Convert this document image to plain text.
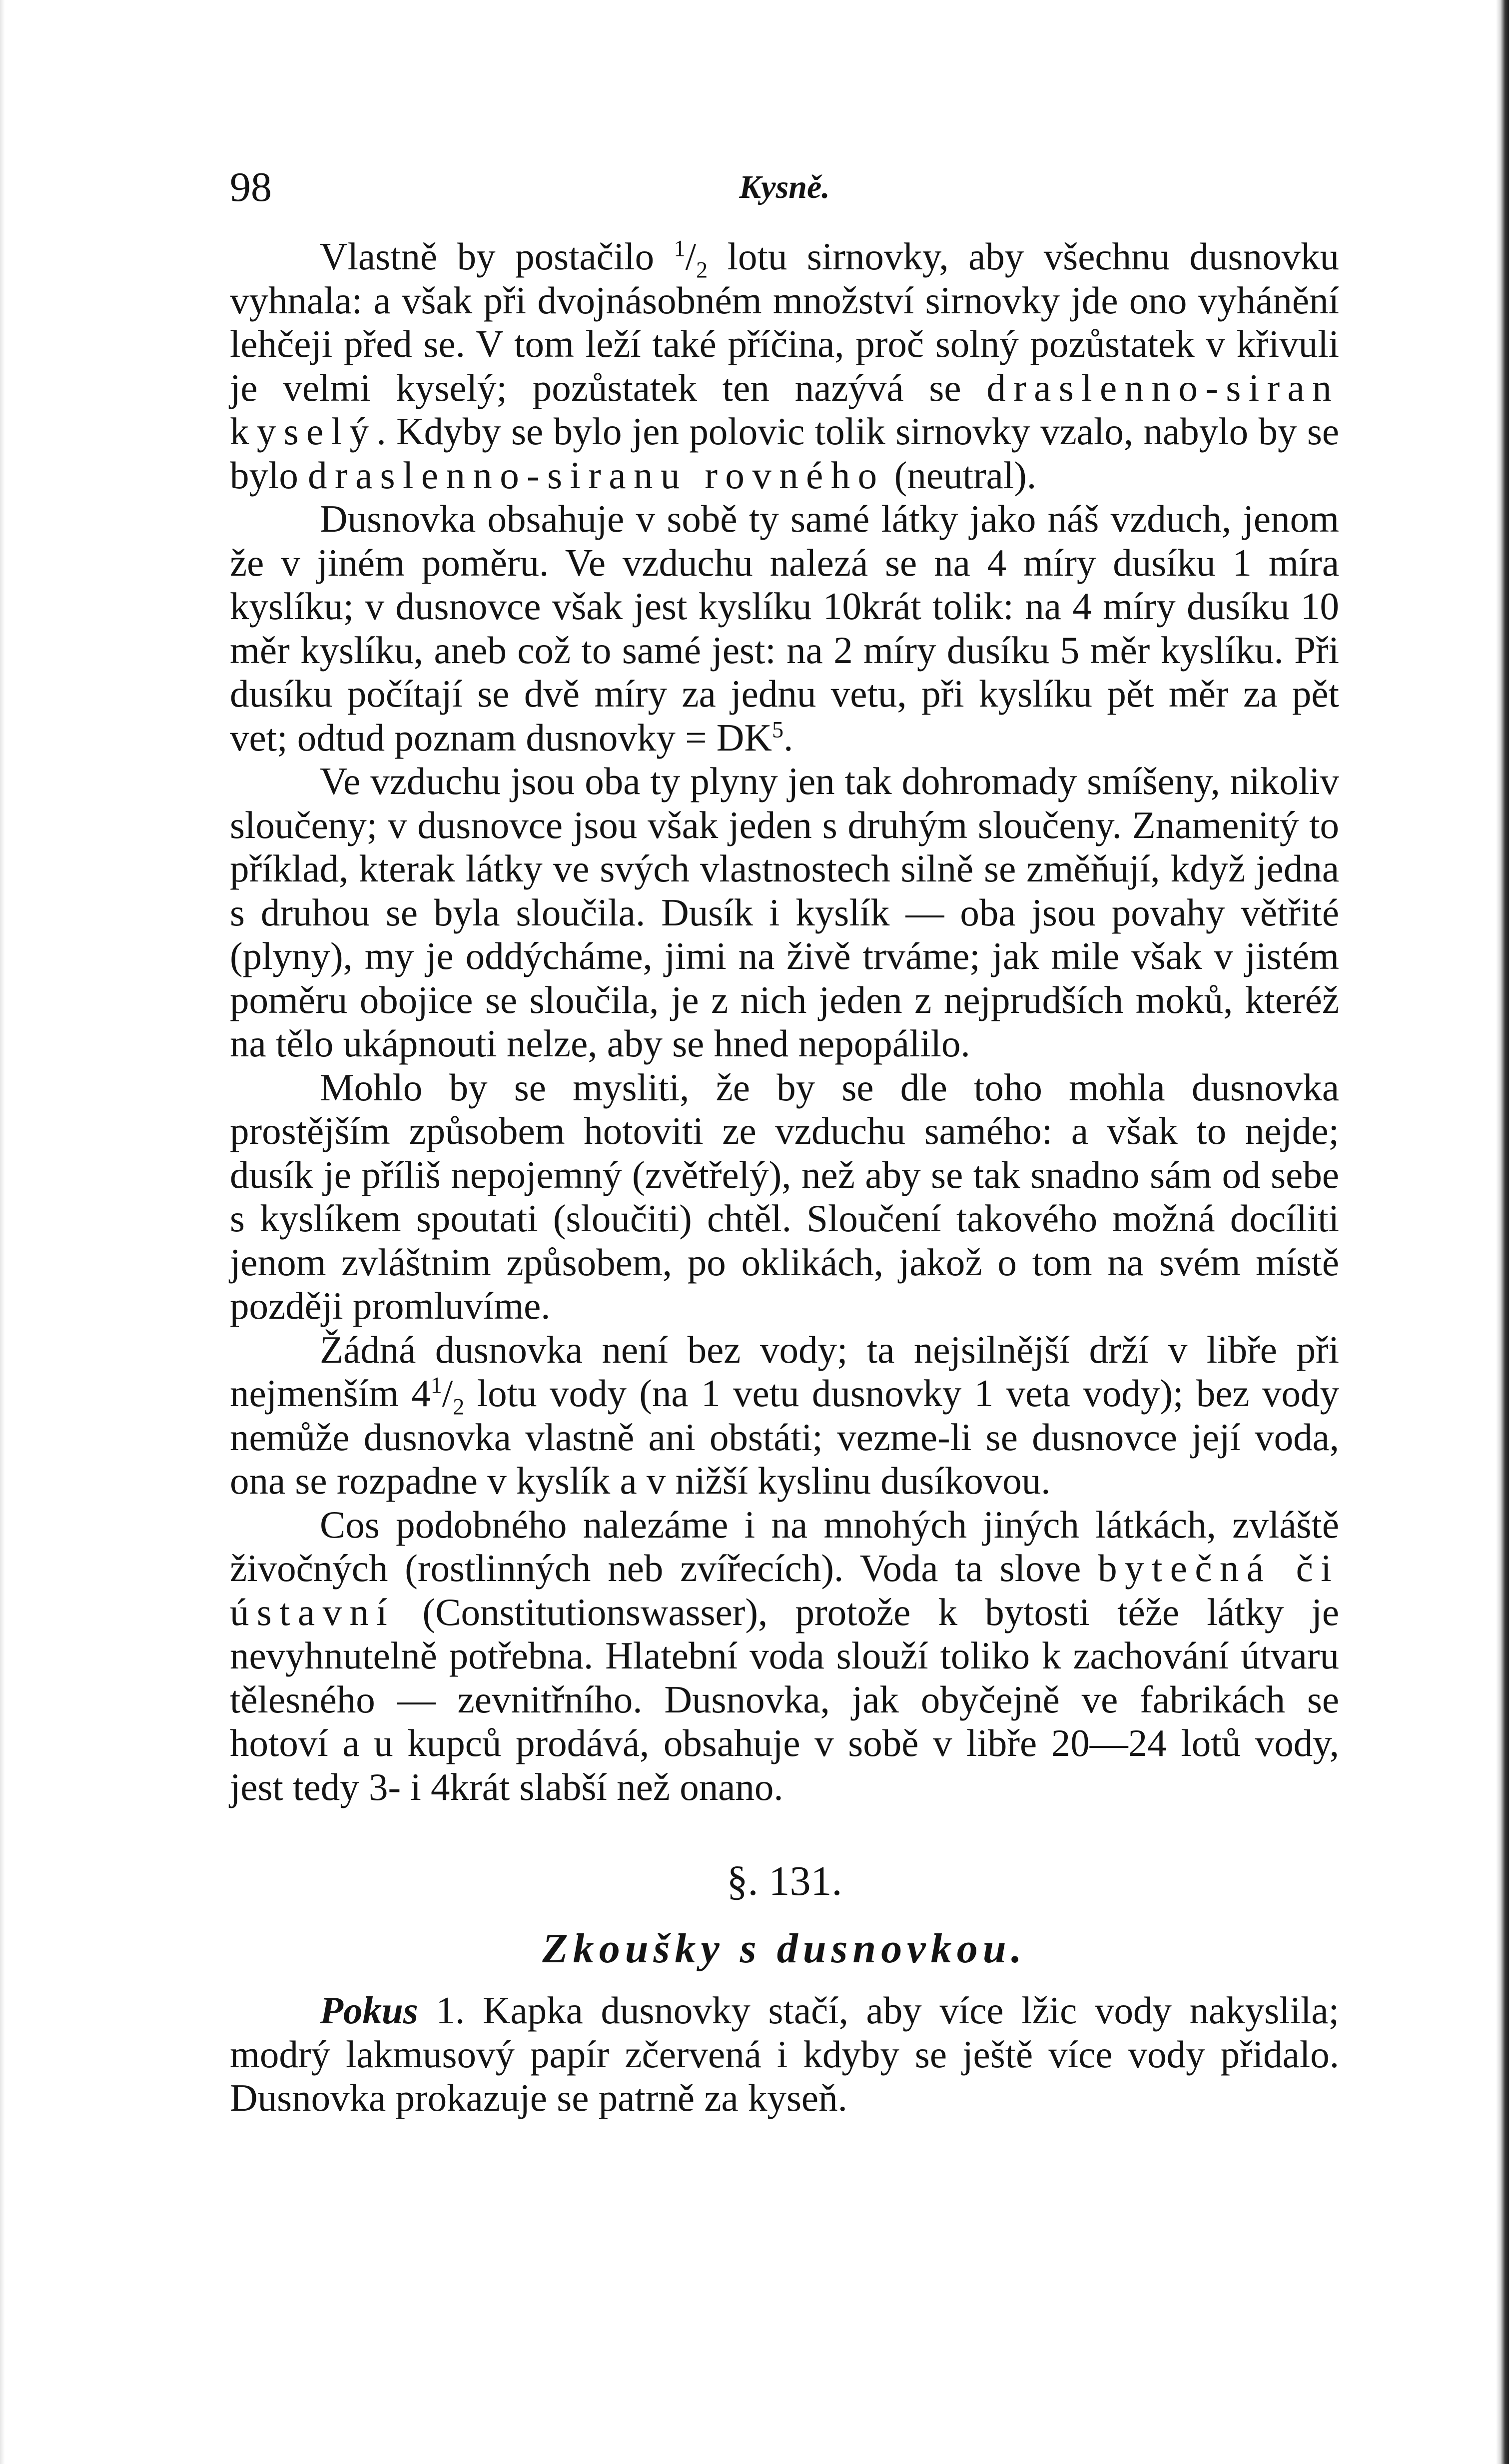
98	Kysně.

Vlastně by postačilo $^1/_2$ lotu sirnovky, aby všechnu dusnovku vyhnala: a však při dvojnásobném množství sirnovky jde ono vyhánění lehčeji před se. V tom leží také příčina, proč solný pozůstatek v křivuli je velmi kyselý; pozůstatek ten nazývá se draslenno-siran kyselý. Kdyby se bylo jen polovic tolik sirnovky vzalo, nabylo by se bylo draslenno-siranu rovného (neutral).

Dusnovka obsahuje v sobě ty samé látky jako náš vzduch, jenom že v jiném poměru. Ve vzduchu nalezá se na 4 míry dusíku 1 míra kyslíku; v dusnovce však jest kyslíku 10krát tolik: na 4 míry dusíku 10 měr kyslíku, aneb což to samé jest: na 2 míry dusíku 5 měr kyslíku. Při dusíku počítají se dvě míry za jednu vetu, při kyslíku pět měr za pět vet; odtud poznam dusnovky = $DK^5$.

Ve vzduchu jsou oba ty plyny jen tak dohromady smíšeny, nikoliv sloučeny; v dusnovce jsou však jeden s druhým sloučeny. Znamenitý to příklad, kterak látky ve svých vlastnostech silně se změňují, když jedna s druhou se byla sloučila. Dusík i kyslík — oba jsou povahy větřité (plyny), my je oddýcháme, jimi na živě trváme; jak mile však v jistém poměru obojice se sloučila, je z nich jeden z nejprudších moků, kteréž na tělo ukápnouti nelze, aby se hned nepopálilo.

Mohlo by se mysliti, že by se dle toho mohla dusnovka prostějším způsobem hotoviti ze vzduchu samého: a však to nejde; dusík je příliš nepojemný (zvětřelý), než aby se tak snadno sám od sebe s kyslíkem spoutati (sloučiti) chtěl. Sloučení takového možná docíliti jenom zvláštnim způsobem, po oklikách, jakož o tom na svém místě později promluvíme.

Žádná dusnovka není bez vody; ta nejsilnější drží v libře při nejmenším $4^1/_2$ lotu vody (na 1 vetu dusnovky 1 veta vody); bez vody nemůže dusnovka vlastně ani obstáti; vezme-li se dusnovce její voda, ona se rozpadne v kyslík a v nižší kyslinu dusíkovou.

Cos podobného nalezáme i na mnohých jiných látkách, zvláště živočných (rostlinných neb zvířecích). Voda ta slove bytečná či ústavní (Constitutionswasser), protože k bytosti téže látky je nevyhnutelně potřebna. Hlatební voda slouží toliko k zachování útvaru tělesného — zevnitřního. Dusnovka, jak obyčejně ve fabrikách se hotoví a u kupců prodává, obsahuje v sobě v libře 20—24 lotů vody, jest tedy 3- i 4krát slabší než onano.

§. 131.
Zkoušky s dusnovkou.

Pokus 1. Kapka dusnovky stačí, aby více lžic vody nakyslila; modrý lakmusový papír zčervená i kdyby se ještě více vody přidalo. Dusnovka prokazuje se patrně za kyseň.
